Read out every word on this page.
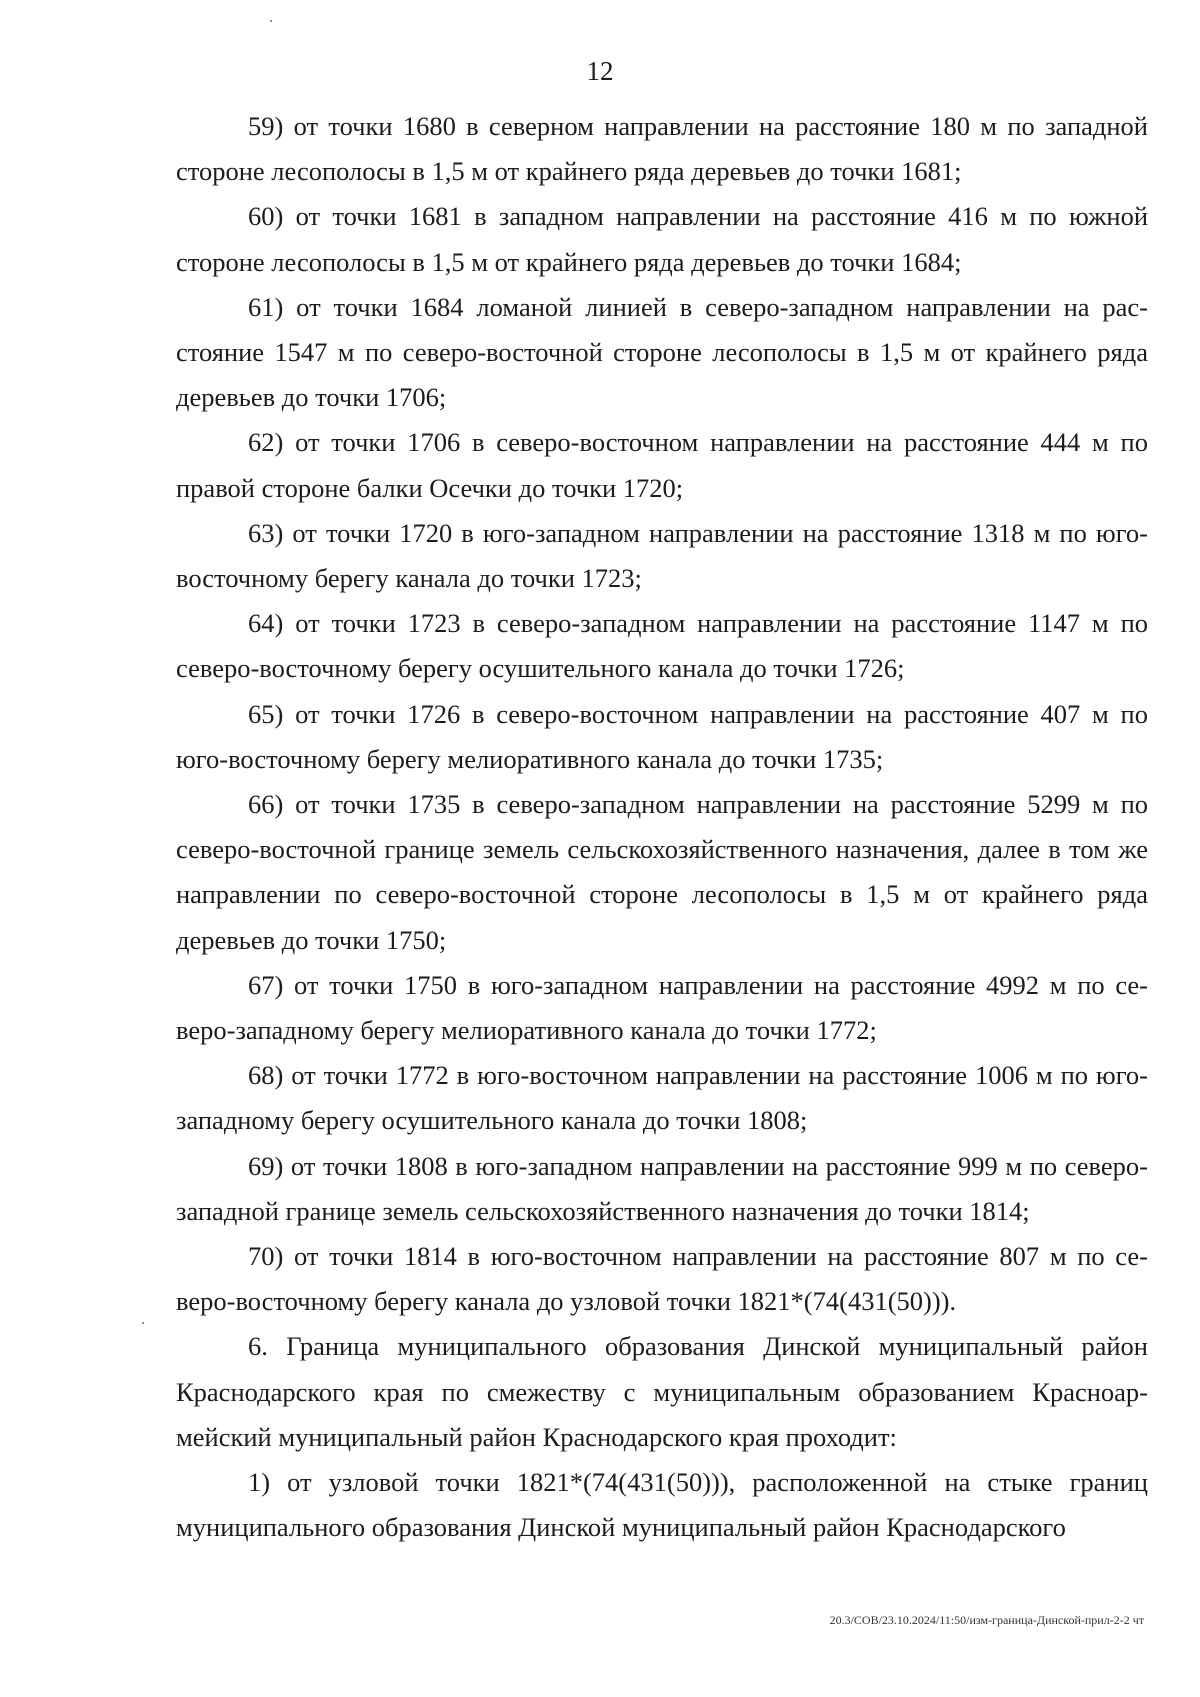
12

59) от точки 1680 в северном направлении на расстояние 180 м по западной стороне лесополосы в 1,5 м от крайнего ряда деревьев до точки 1681;

60) от точки 1681 в западном направлении на расстояние 416 м по южной стороне лесополосы в 1,5 м от крайнего ряда деревьев до точки 1684;

61) от точки 1684 ломаной линией в северо-западном направлении на расстояние 1547 м по северо-восточной стороне лесополосы в 1,5 м от крайнего ряда деревьев до точки 1706;

62) от точки 1706 в северо-восточном направлении на расстояние 444 м по правой стороне балки Осечки до точки 1720;

63) от точки 1720 в юго-западном направлении на расстояние 1318 м по юго-восточному берегу канала до точки 1723;

64) от точки 1723 в северо-западном направлении на расстояние 1147 м по северо-восточному берегу осушительного канала до точки 1726;

65) от точки 1726 в северо-восточном направлении на расстояние 407 м по юго-восточному берегу мелиоративного канала до точки 1735;

66) от точки 1735 в северо-западном направлении на расстояние 5299 м по северо-восточной границе земель сельскохозяйственного назначения, далее в том же направлении по северо-восточной стороне лесополосы в 1,5 м от крайнего ряда деревьев до точки 1750;

67) от точки 1750 в юго-западном направлении на расстояние 4992 м по северо-западному берегу мелиоративного канала до точки 1772;

68) от точки 1772 в юго-восточном направлении на расстояние 1006 м по юго-западному берегу осушительного канала до точки 1808;

69) от точки 1808 в юго-западном направлении на расстояние 999 м по северо-западной границе земель сельскохозяйственного назначения до точки 1814;

70) от точки 1814 в юго-восточном направлении на расстояние 807 м по северо-восточному берегу канала до узловой точки 1821*(74(431(50))).

6. Граница муниципального образования Динской муниципальный район Краснодарского края по смежеству с муниципальным образованием Красноармейский муниципальный район Краснодарского края проходит:

1) от узловой точки 1821*(74(431(50))), расположенной на стыке границ муниципального образования Динской муниципальный район Краснодарского

20.3/СОВ/23.10.2024/11:50/изм-граница-Динской-прил-2-2 чт
